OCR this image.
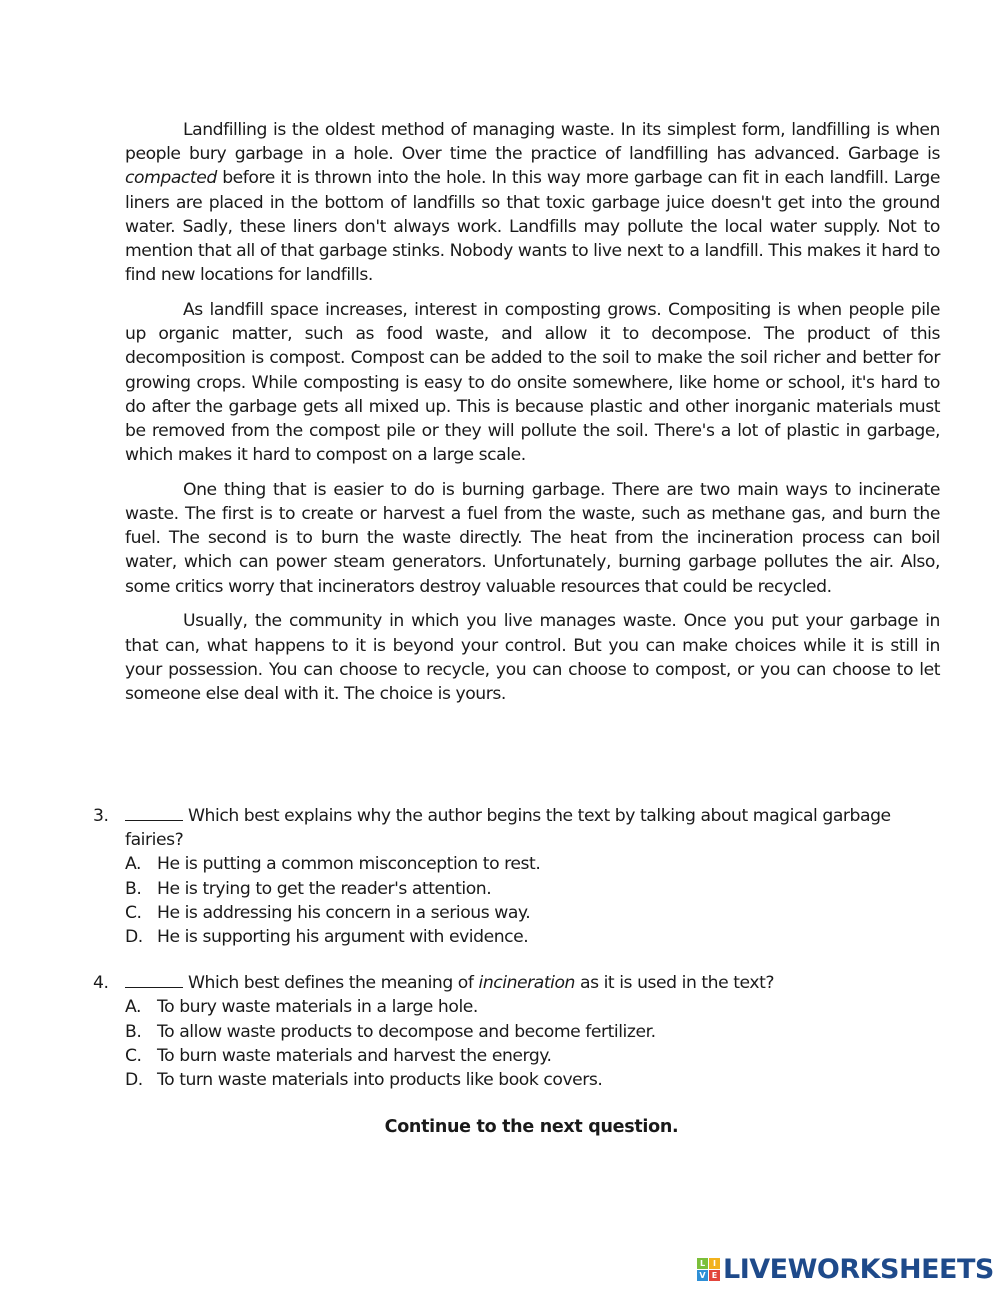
Landfilling is the oldest method of managing waste. In its simplest form, landfilling is when people bury garbage in a hole. Over time the practice of landfilling has advanced. Garbage is compacted before it is thrown into the hole. In this way more garbage can fit in each landfill. Large liners are placed in the bottom of landfills so that toxic garbage juice doesn't get into the ground water. Sadly, these liners don't always work. Landfills may pollute the local water supply. Not to mention that all of that garbage stinks. Nobody wants to live next to a landfill. This makes it hard to find new locations for landfills.

As landfill space increases, interest in composting grows. Compositing is when people pile up organic matter, such as food waste, and allow it to decompose. The product of this decomposition is compost. Compost can be added to the soil to make the soil richer and better for growing crops. While composting is easy to do onsite somewhere, like home or school, it's hard to do after the garbage gets all mixed up. This is because plastic and other inorganic materials must be removed from the compost pile or they will pollute the soil. There's a lot of plastic in garbage, which makes it hard to compost on a large scale.

One thing that is easier to do is burning garbage. There are two main ways to incinerate waste. The first is to create or harvest a fuel from the waste, such as methane gas, and burn the fuel. The second is to burn the waste directly. The heat from the incineration process can boil water, which can power steam generators. Unfortunately, burning garbage pollutes the air. Also, some critics worry that incinerators destroy valuable resources that could be recycled.

Usually, the community in which you live manages waste. Once you put your garbage in that can, what happens to it is beyond your control. But you can make choices while it is still in your possession. You can choose to recycle, you can choose to compost, or you can choose to let someone else deal with it. The choice is yours.

3.	Which best explains why the author begins the text by talking about magical garbage fairies?
A. He is putting a common misconception to rest.
B. He is trying to get the reader's attention.
C. He is addressing his concern in a serious way.
D. He is supporting his argument with evidence.
4.	Which best defines the meaning of incineration as it is used in the text?
A. To bury waste materials in a large hole.
B. To allow waste products to decompose and become fertilizer.
C. To burn waste materials and harvest the energy.
D. To turn waste materials into products like book covers.
Continue to the next question.
L I
V E LIVEWORKSHEETS
